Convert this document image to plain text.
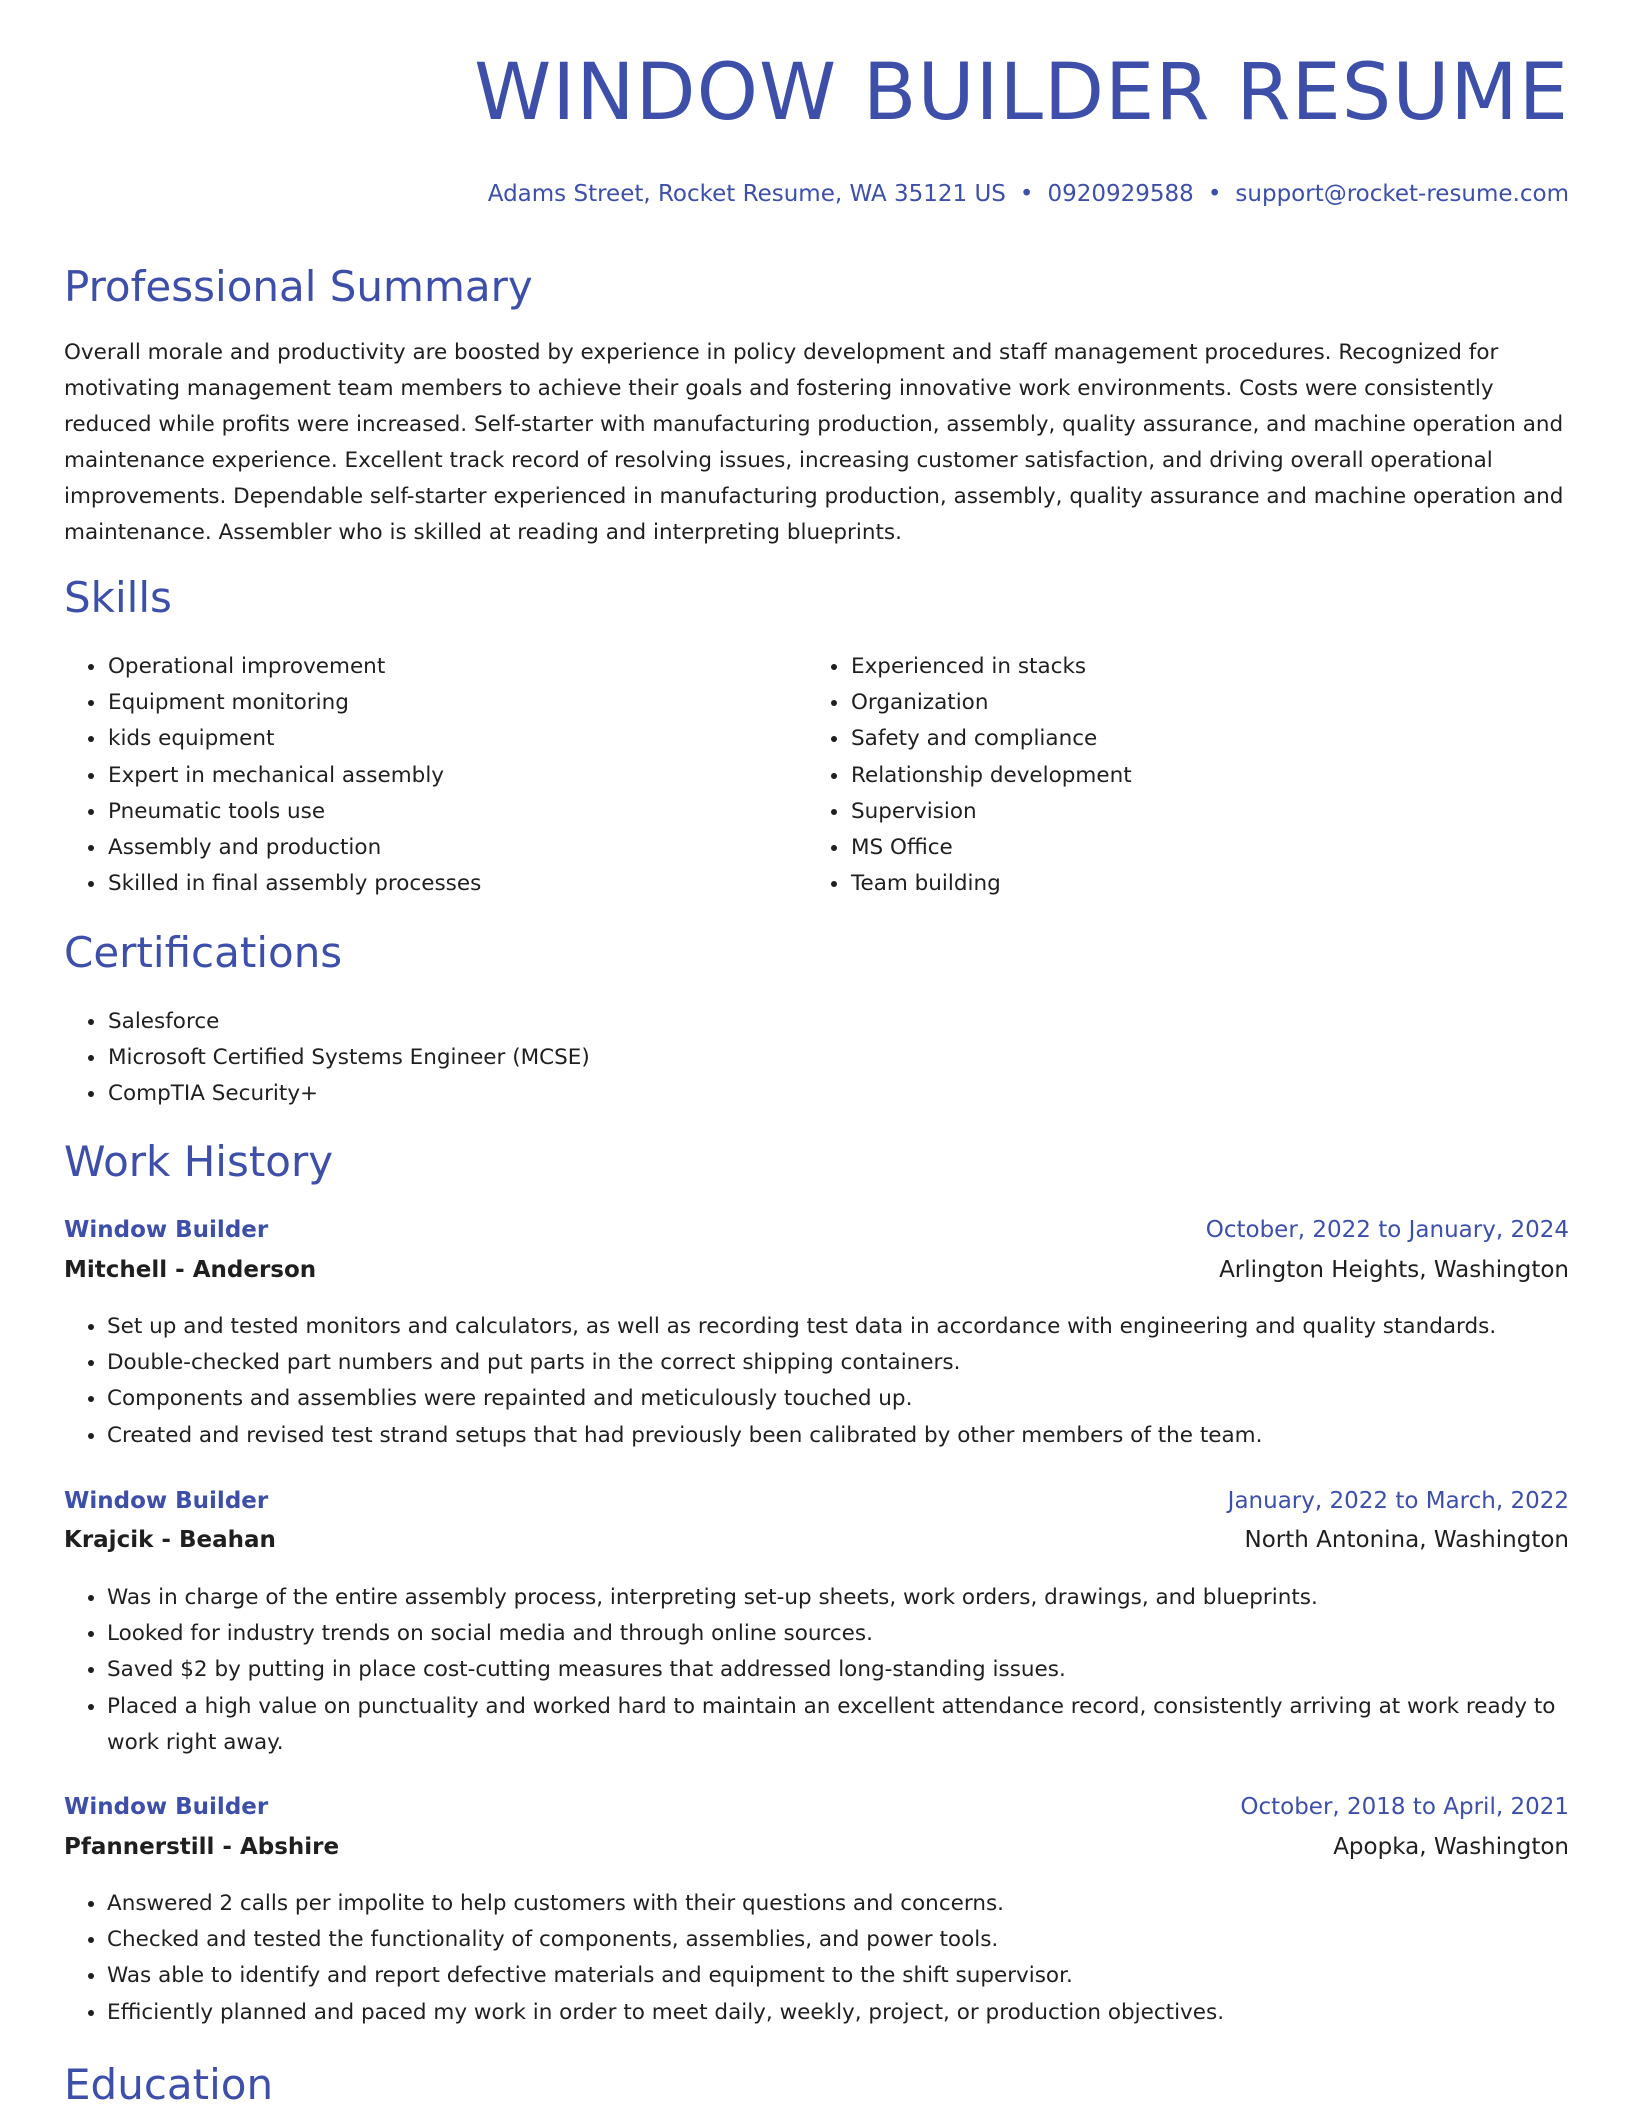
WINDOW BUILDER RESUME
Adams Street, Rocket Resume, WA 35121 US • 0920929588 • support@rocket-resume.com
Professional Summary

Overall morale and productivity are boosted by experience in policy development and staff management procedures. Recognized for motivating management team members to achieve their goals and fostering innovative work environments. Costs were consistently reduced while profits were increased. Self-starter with manufacturing production, assembly, quality assurance, and machine operation and maintenance experience. Excellent track record of resolving issues, increasing customer satisfaction, and driving overall operational improvements. Dependable self-starter experienced in manufacturing production, assembly, quality assurance and machine operation and maintenance. Assembler who is skilled at reading and interpreting blueprints.

Skills
• Operational improvement
• Equipment monitoring
• kids equipment
• Expert in mechanical assembly
• Pneumatic tools use
• Assembly and production
• Skilled in final assembly processes
• Experienced in stacks
• Organization
• Safety and compliance
• Relationship development
• Supervision
• MS Office
• Team building
Certifications
• Salesforce
• Microsoft Certified Systems Engineer (MCSE)
• CompTIA Security+
Work History
Window Builder	October, 2022 to January, 2024
Mitchell - Anderson	Arlington Heights, Washington
• Set up and tested monitors and calculators, as well as recording test data in accordance with engineering and quality standards.
• Double-checked part numbers and put parts in the correct shipping containers.
• Components and assemblies were repainted and meticulously touched up.
• Created and revised test strand setups that had previously been calibrated by other members of the team.
Window Builder	January, 2022 to March, 2022
Krajcik - Beahan	North Antonina, Washington
• Was in charge of the entire assembly process, interpreting set-up sheets, work orders, drawings, and blueprints.
• Looked for industry trends on social media and through online sources.
• Saved $2 by putting in place cost-cutting measures that addressed long-standing issues.
• Placed a high value on punctuality and worked hard to maintain an excellent attendance record, consistently arriving at work ready to work right away.
Window Builder	October, 2018 to April, 2021
Pfannerstill - Abshire	Apopka, Washington
• Answered 2 calls per impolite to help customers with their questions and concerns.
• Checked and tested the functionality of components, assemblies, and power tools.
• Was able to identify and report defective materials and equipment to the shift supervisor.
• Efficiently planned and paced my work in order to meet daily, weekly, project, or production objectives.
Education
